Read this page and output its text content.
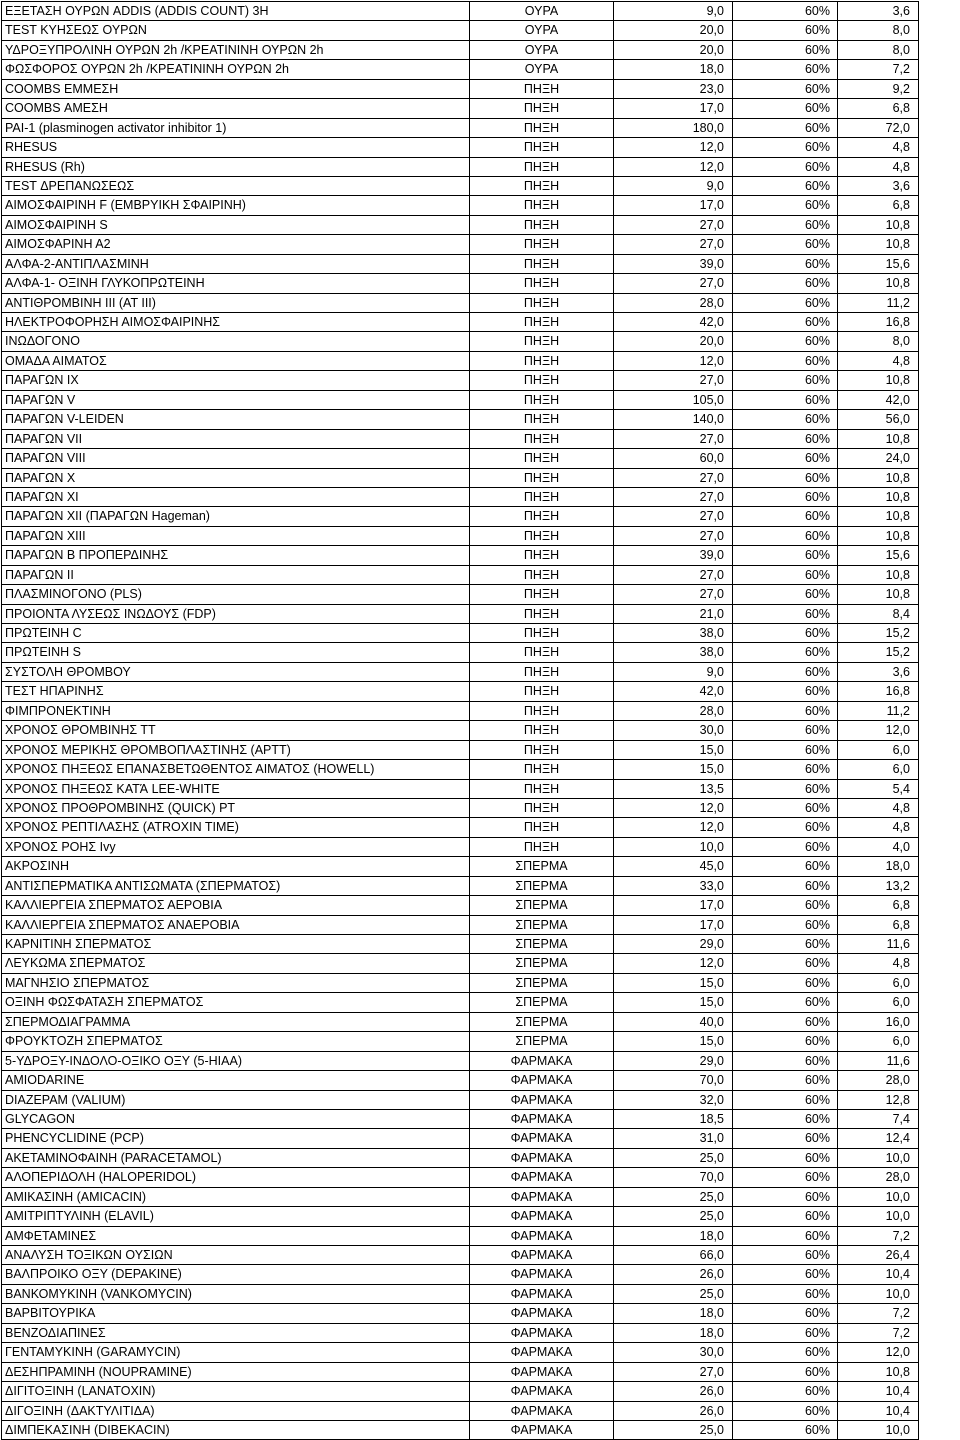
ΕΞΕΤΑΣΗ ΟΥΡΩΝ ADDIS (ADDIS COUNT) 3H	ΟΥΡΑ	9,0	60%	3,6
TEST ΚΥΗΣΕΩΣ ΟΥΡΩΝ	ΟΥΡΑ	20,0	60%	8,0
ΥΔΡΟΞΥΠΡΟΛΙΝΗ ΟΥΡΩΝ 2h /ΚΡΕΑΤΙΝΙΝΗ ΟΥΡΩΝ 2h	ΟΥΡΑ	20,0	60%	8,0
ΦΩΣΦΟΡΟΣ ΟΥΡΩΝ 2h /ΚΡΕΑΤΙΝΙΝΗ ΟΥΡΩΝ 2h	ΟΥΡΑ	18,0	60%	7,2
COOMBS ΕΜΜΕΣΗ	ΠΗΞΗ	23,0	60%	9,2
COOMBS ΑΜΕΣΗ	ΠΗΞΗ	17,0	60%	6,8
PAI-1 (plasminogen activator inhibitor 1)	ΠΗΞΗ	180,0	60%	72,0
RHESUS	ΠΗΞΗ	12,0	60%	4,8
RHESUS (Rh)	ΠΗΞΗ	12,0	60%	4,8
TEST ΔΡΕΠΑΝΩΣΕΩΣ	ΠΗΞΗ	9,0	60%	3,6
ΑΙΜΟΣΦΑΙΡΙΝΗ F (ΕΜΒΡΥΙΚΗ ΣΦΑΙΡΙΝΗ)	ΠΗΞΗ	17,0	60%	6,8
ΑΙΜΟΣΦΑΙΡΙΝΗ S	ΠΗΞΗ	27,0	60%	10,8
ΑΙΜΟΣΦΑΡΙΝΗ Α2	ΠΗΞΗ	27,0	60%	10,8
ΑΛΦΑ-2-ΑΝΤΙΠΛΑΣΜΙΝΗ	ΠΗΞΗ	39,0	60%	15,6
ΑΛΦΑ-1- ΟΞΙΝΗ ΓΛΥΚΟΠΡΩΤΕΙΝΗ	ΠΗΞΗ	27,0	60%	10,8
ΑΝΤΙΘΡΟΜΒΙΝΗ ΙΙΙ (ΑΤ ΙΙΙ)	ΠΗΞΗ	28,0	60%	11,2
ΗΛΕΚΤΡΟΦΟΡΗΣΗ ΑΙΜΟΣΦΑΙΡΙΝΗΣ	ΠΗΞΗ	42,0	60%	16,8
ΙΝΩΔΟΓΟΝΟ	ΠΗΞΗ	20,0	60%	8,0
ΟΜΑΔΑ ΑΙΜΑΤΟΣ	ΠΗΞΗ	12,0	60%	4,8
ΠΑΡΑΓΩΝ ΙΧ	ΠΗΞΗ	27,0	60%	10,8
ΠΑΡΑΓΩΝ V	ΠΗΞΗ	105,0	60%	42,0
ΠΑΡΑΓΩΝ V-LEIDEN	ΠΗΞΗ	140,0	60%	56,0
ΠΑΡΑΓΩΝ VII	ΠΗΞΗ	27,0	60%	10,8
ΠΑΡΑΓΩΝ VIII	ΠΗΞΗ	60,0	60%	24,0
ΠΑΡΑΓΩΝ Χ	ΠΗΞΗ	27,0	60%	10,8
ΠΑΡΑΓΩΝ ΧΙ	ΠΗΞΗ	27,0	60%	10,8
ΠΑΡΑΓΩΝ ΧΙΙ (ΠΑΡΑΓΩΝ Hageman)	ΠΗΞΗ	27,0	60%	10,8
ΠΑΡΑΓΩΝ ΧΙΙΙ	ΠΗΞΗ	27,0	60%	10,8
ΠΑΡΑΓΩΝ Β ΠΡΟΠΕΡΔΙΝΗΣ	ΠΗΞΗ	39,0	60%	15,6
ΠΑΡΑΓΩΝ ΙΙ	ΠΗΞΗ	27,0	60%	10,8
ΠΛΑΣΜΙΝΟΓΟΝΟ (PLS)	ΠΗΞΗ	27,0	60%	10,8
ΠΡΟΙΟΝΤΑ ΛΥΣΕΩΣ ΙΝΩΔΟΥΣ (FDP)	ΠΗΞΗ	21,0	60%	8,4
ΠΡΩΤΕΙΝΗ C	ΠΗΞΗ	38,0	60%	15,2
ΠΡΩΤΕΙΝΗ S	ΠΗΞΗ	38,0	60%	15,2
ΣΥΣΤΟΛΗ ΘΡΟΜΒΟΥ	ΠΗΞΗ	9,0	60%	3,6
ΤΕΣΤ ΗΠΑΡΙΝΗΣ	ΠΗΞΗ	42,0	60%	16,8
ΦΙΜΠΡΟΝΕΚΤΙΝΗ	ΠΗΞΗ	28,0	60%	11,2
ΧΡΟΝΟΣ ΘΡΟΜΒΙΝΗΣ ΤΤ	ΠΗΞΗ	30,0	60%	12,0
ΧΡΟΝΟΣ ΜΕΡΙΚΗΣ ΘΡΟΜΒΟΠΛΑΣΤΙΝΗΣ (APTT)	ΠΗΞΗ	15,0	60%	6,0
ΧΡΟΝΟΣ ΠΗΞΕΩΣ ΕΠΑΝΑΣΒΕΤΩΘΕΝΤΟΣ ΑΙΜΑΤΟΣ (HOWELL)	ΠΗΞΗ	15,0	60%	6,0
ΧΡΟΝΟΣ ΠΗΞΕΩΣ ΚΑΤΆ LEE-WHITE	ΠΗΞΗ	13,5	60%	5,4
ΧΡΟΝΟΣ ΠΡΟΘΡΟΜΒΙΝΗΣ (QUICK) PT	ΠΗΞΗ	12,0	60%	4,8
ΧΡΟΝΟΣ ΡΕΠΤΙΛΑΣΗΣ (ATROXIN TIME)	ΠΗΞΗ	12,0	60%	4,8
ΧΡΟΝΟΣ ΡΟΗΣ Ivy	ΠΗΞΗ	10,0	60%	4,0
ΑΚΡΟΣΙΝΗ	ΣΠΕΡΜΑ	45,0	60%	18,0
ΑΝΤΙΣΠΕΡΜΑΤΙΚΑ ΑΝΤΙΣΩΜΑΤΑ (ΣΠΕΡΜΑΤΟΣ)	ΣΠΕΡΜΑ	33,0	60%	13,2
ΚΑΛΛΙΕΡΓΕΙΑ ΣΠΕΡΜΑΤΟΣ ΑΕΡΟΒΙΑ	ΣΠΕΡΜΑ	17,0	60%	6,8
ΚΑΛΛΙΕΡΓΕΙΑ ΣΠΕΡΜΑΤΟΣ ΑΝΑΕΡΟΒΙΑ	ΣΠΕΡΜΑ	17,0	60%	6,8
ΚΑΡΝΙΤΙΝΗ ΣΠΕΡΜΑΤΟΣ	ΣΠΕΡΜΑ	29,0	60%	11,6
ΛΕΥΚΩΜΑ ΣΠΕΡΜΑΤΟΣ	ΣΠΕΡΜΑ	12,0	60%	4,8
ΜΑΓΝΗΣΙΟ ΣΠΕΡΜΑΤΟΣ	ΣΠΕΡΜΑ	15,0	60%	6,0
ΟΞΙΝΗ ΦΩΣΦΑΤΑΣΗ ΣΠΕΡΜΑΤΟΣ	ΣΠΕΡΜΑ	15,0	60%	6,0
ΣΠΕΡΜΟΔΙΑΓΡΑΜΜΑ	ΣΠΕΡΜΑ	40,0	60%	16,0
ΦΡΟΥΚΤΟΖΗ ΣΠΕΡΜΑΤΟΣ	ΣΠΕΡΜΑ	15,0	60%	6,0
5-ΥΔΡΟΞΥ-ΙΝΔΟΛΟ-ΟΞΙΚΟ ΟΞΥ (5-HIAA)	ΦΑΡΜΑΚΑ	29,0	60%	11,6
AMIODARINE	ΦΑΡΜΑΚΑ	70,0	60%	28,0
DIAZEPAM (VALIUM)	ΦΑΡΜΑΚΑ	32,0	60%	12,8
GLYCAGON	ΦΑΡΜΑΚΑ	18,5	60%	7,4
PHENCYCLIDINE (PCP)	ΦΑΡΜΑΚΑ	31,0	60%	12,4
ΑΚΕΤΑΜΙΝΟΦΑΙΝΗ (PARACETAMOL)	ΦΑΡΜΑΚΑ	25,0	60%	10,0
ΑΛΟΠΕΡΙΔΟΛΗ (HALOPERIDOL)	ΦΑΡΜΑΚΑ	70,0	60%	28,0
ΑΜΙΚΑΣΙΝΗ (AMICACIN)	ΦΑΡΜΑΚΑ	25,0	60%	10,0
ΑΜΙΤΡΙΠΤΥΛΙΝΗ (ELAVIL)	ΦΑΡΜΑΚΑ	25,0	60%	10,0
ΑΜΦΕΤΑΜΙΝΕΣ	ΦΑΡΜΑΚΑ	18,0	60%	7,2
ΑΝΑΛΥΣΗ ΤΟΞΙΚΩΝ ΟΥΣΙΩΝ	ΦΑΡΜΑΚΑ	66,0	60%	26,4
ΒΑΛΠΡΟΙΚΟ ΟΞΥ (DEPAKINE)	ΦΑΡΜΑΚΑ	26,0	60%	10,4
ΒΑΝΚΟΜΥΚΙΝΗ (VANKOMYCIN)	ΦΑΡΜΑΚΑ	25,0	60%	10,0
ΒΑΡΒΙΤΟΥΡΙΚΑ	ΦΑΡΜΑΚΑ	18,0	60%	7,2
ΒΕΝΖΟΔΙΑΠΙΝΕΣ	ΦΑΡΜΑΚΑ	18,0	60%	7,2
ΓΕΝΤΑΜΥΚΙΝΗ (GARAMYCIN)	ΦΑΡΜΑΚΑ	30,0	60%	12,0
ΔΕΣΗΠΡΑΜΙΝΗ (NOUPRAMINE)	ΦΑΡΜΑΚΑ	27,0	60%	10,8
ΔΙΓΙΤΟΞΙΝΗ (LANATOXIN)	ΦΑΡΜΑΚΑ	26,0	60%	10,4
ΔΙΓΟΞΙΝΗ (ΔΑΚΤΥΛΙΤΙΔΑ)	ΦΑΡΜΑΚΑ	26,0	60%	10,4
ΔΙΜΠΕΚΑΣΙΝΗ (DIBEKACIN)	ΦΑΡΜΑΚΑ	25,0	60%	10,0
